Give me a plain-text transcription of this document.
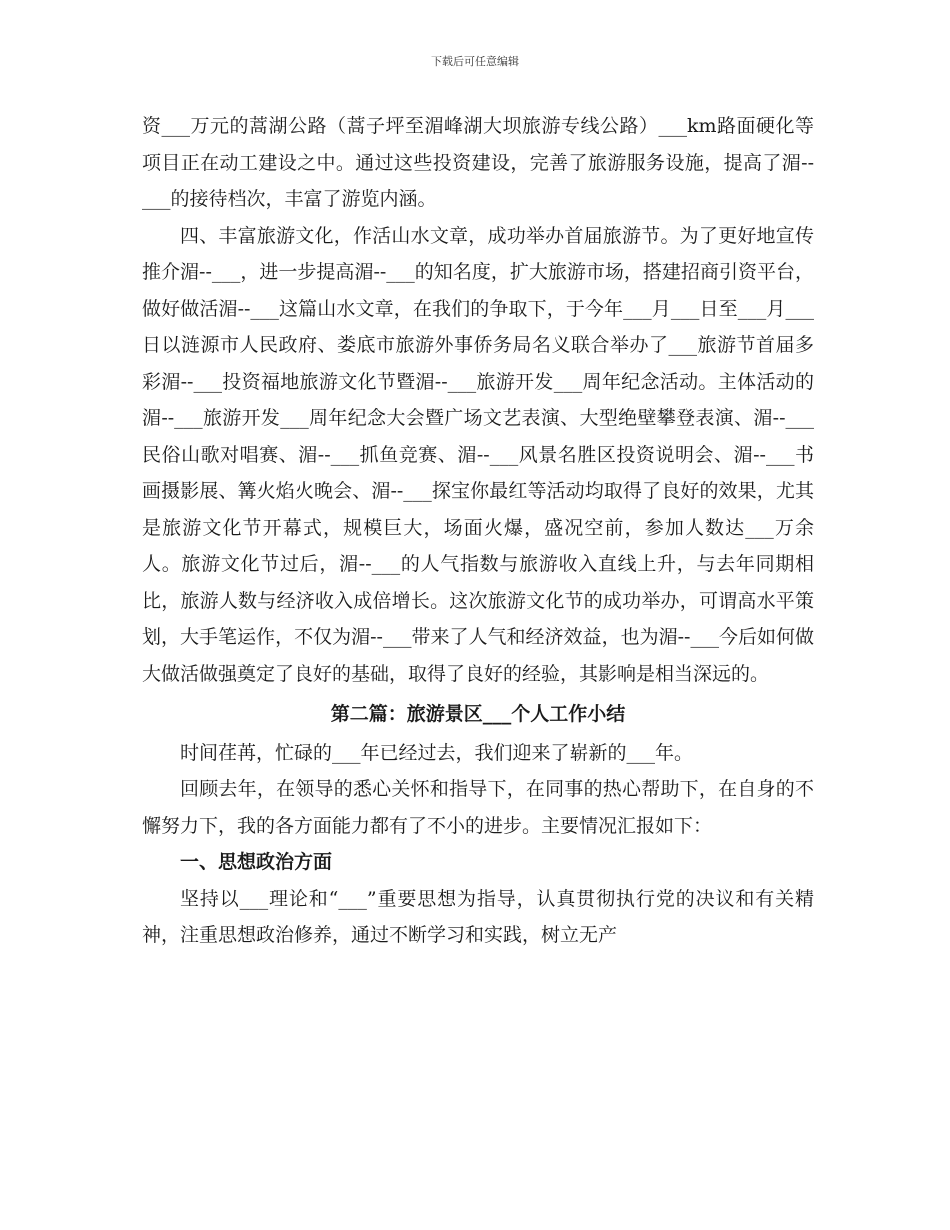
下载后可任意编辑

资___万元的蒿湖公路（蒿子坪至湄峰湖大坝旅游专线公路）___km路面硬化等项目正在动工建设之中。通过这些投资建设，完善了旅游服务设施，提高了湄--___的接待档次，丰富了游览内涵。

四、丰富旅游文化，作活山水文章，成功举办首届旅游节。为了更好地宣传推介湄--___，进一步提高湄--___的知名度，扩大旅游市场，搭建招商引资平台，做好做活湄--___这篇山水文章，在我们的争取下，于今年___月___日至___月___日以涟源市人民政府、娄底市旅游外事侨务局名义联合举办了___旅游节首届多彩湄--___投资福地旅游文化节暨湄--___旅游开发___周年纪念活动。主体活动的湄--___旅游开发___周年纪念大会暨广场文艺表演、大型绝壁攀登表演、湄--___民俗山歌对唱赛、湄--___抓鱼竞赛、湄--___风景名胜区投资说明会、湄--___书画摄影展、篝火焰火晚会、湄--___探宝你最红等活动均取得了良好的效果，尤其是旅游文化节开幕式，规模巨大，场面火爆，盛况空前，参加人数达___万余人。旅游文化节过后，湄--___的人气指数与旅游收入直线上升，与去年同期相比，旅游人数与经济收入成倍增长。这次旅游文化节的成功举办，可谓高水平策划，大手笔运作，不仅为湄--___带来了人气和经济效益，也为湄--___今后如何做大做活做强奠定了良好的基础，取得了良好的经验，其影响是相当深远的。

第二篇：旅游景区___个人工作小结

时间荏苒，忙碌的___年已经过去，我们迎来了崭新的___年。

回顾去年，在领导的悉心关怀和指导下，在同事的热心帮助下，在自身的不懈努力下，我的各方面能力都有了不小的进步。主要情况汇报如下：

一、思想政治方面

坚持以___理论和“___”重要思想为指导，认真贯彻执行党的决议和有关精神，注重思想政治修养，通过不断学习和实践，树立无产
